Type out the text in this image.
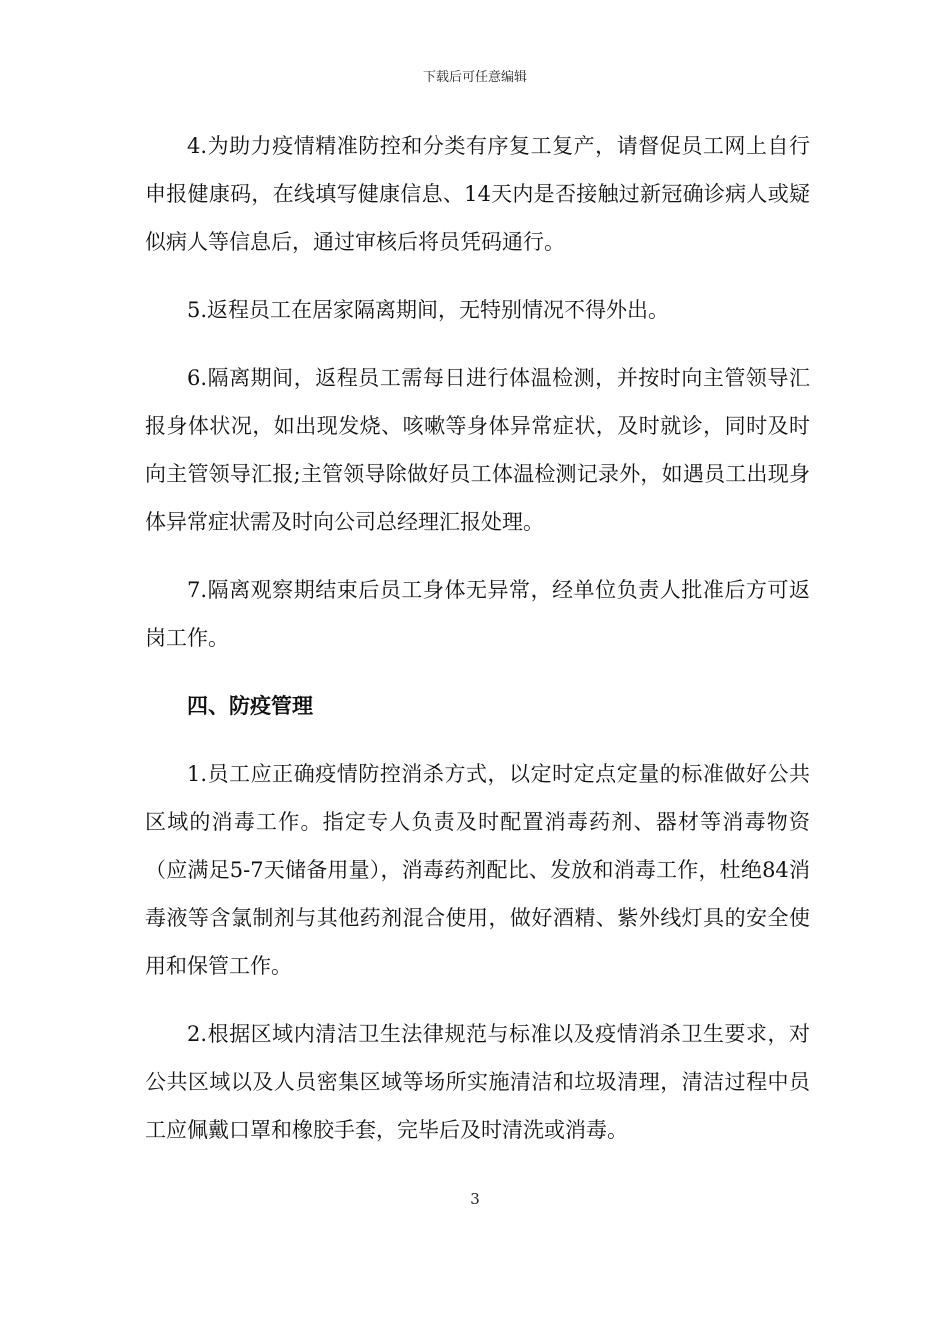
下载后可任意编辑

4.为助力疫情精准防控和分类有序复工复产，请督促员工网上自行申报健康码，在线填写健康信息、14天内是否接触过新冠确诊病人或疑似病人等信息后，通过审核后将员凭码通行。

5.返程员工在居家隔离期间，无特别情况不得外出。

6.隔离期间，返程员工需每日进行体温检测，并按时向主管领导汇报身体状况，如出现发烧、咳嗽等身体异常症状，及时就诊，同时及时向主管领导汇报;主管领导除做好员工体温检测记录外，如遇员工出现身体异常症状需及时向公司总经理汇报处理。

7.隔离观察期结束后员工身体无异常，经单位负责人批准后方可返岗工作。

四、防疫管理

1.员工应正确疫情防控消杀方式，以定时定点定量的标准做好公共区域的消毒工作。指定专人负责及时配置消毒药剂、器材等消毒物资（应满足5-7天储备用量），消毒药剂配比、发放和消毒工作，杜绝84消毒液等含氯制剂与其他药剂混合使用，做好酒精、紫外线灯具的安全使用和保管工作。

2.根据区域内清洁卫生法律规范与标准以及疫情消杀卫生要求，对公共区域以及人员密集区域等场所实施清洁和垃圾清理，清洁过程中员工应佩戴口罩和橡胶手套，完毕后及时清洗或消毒。

3
